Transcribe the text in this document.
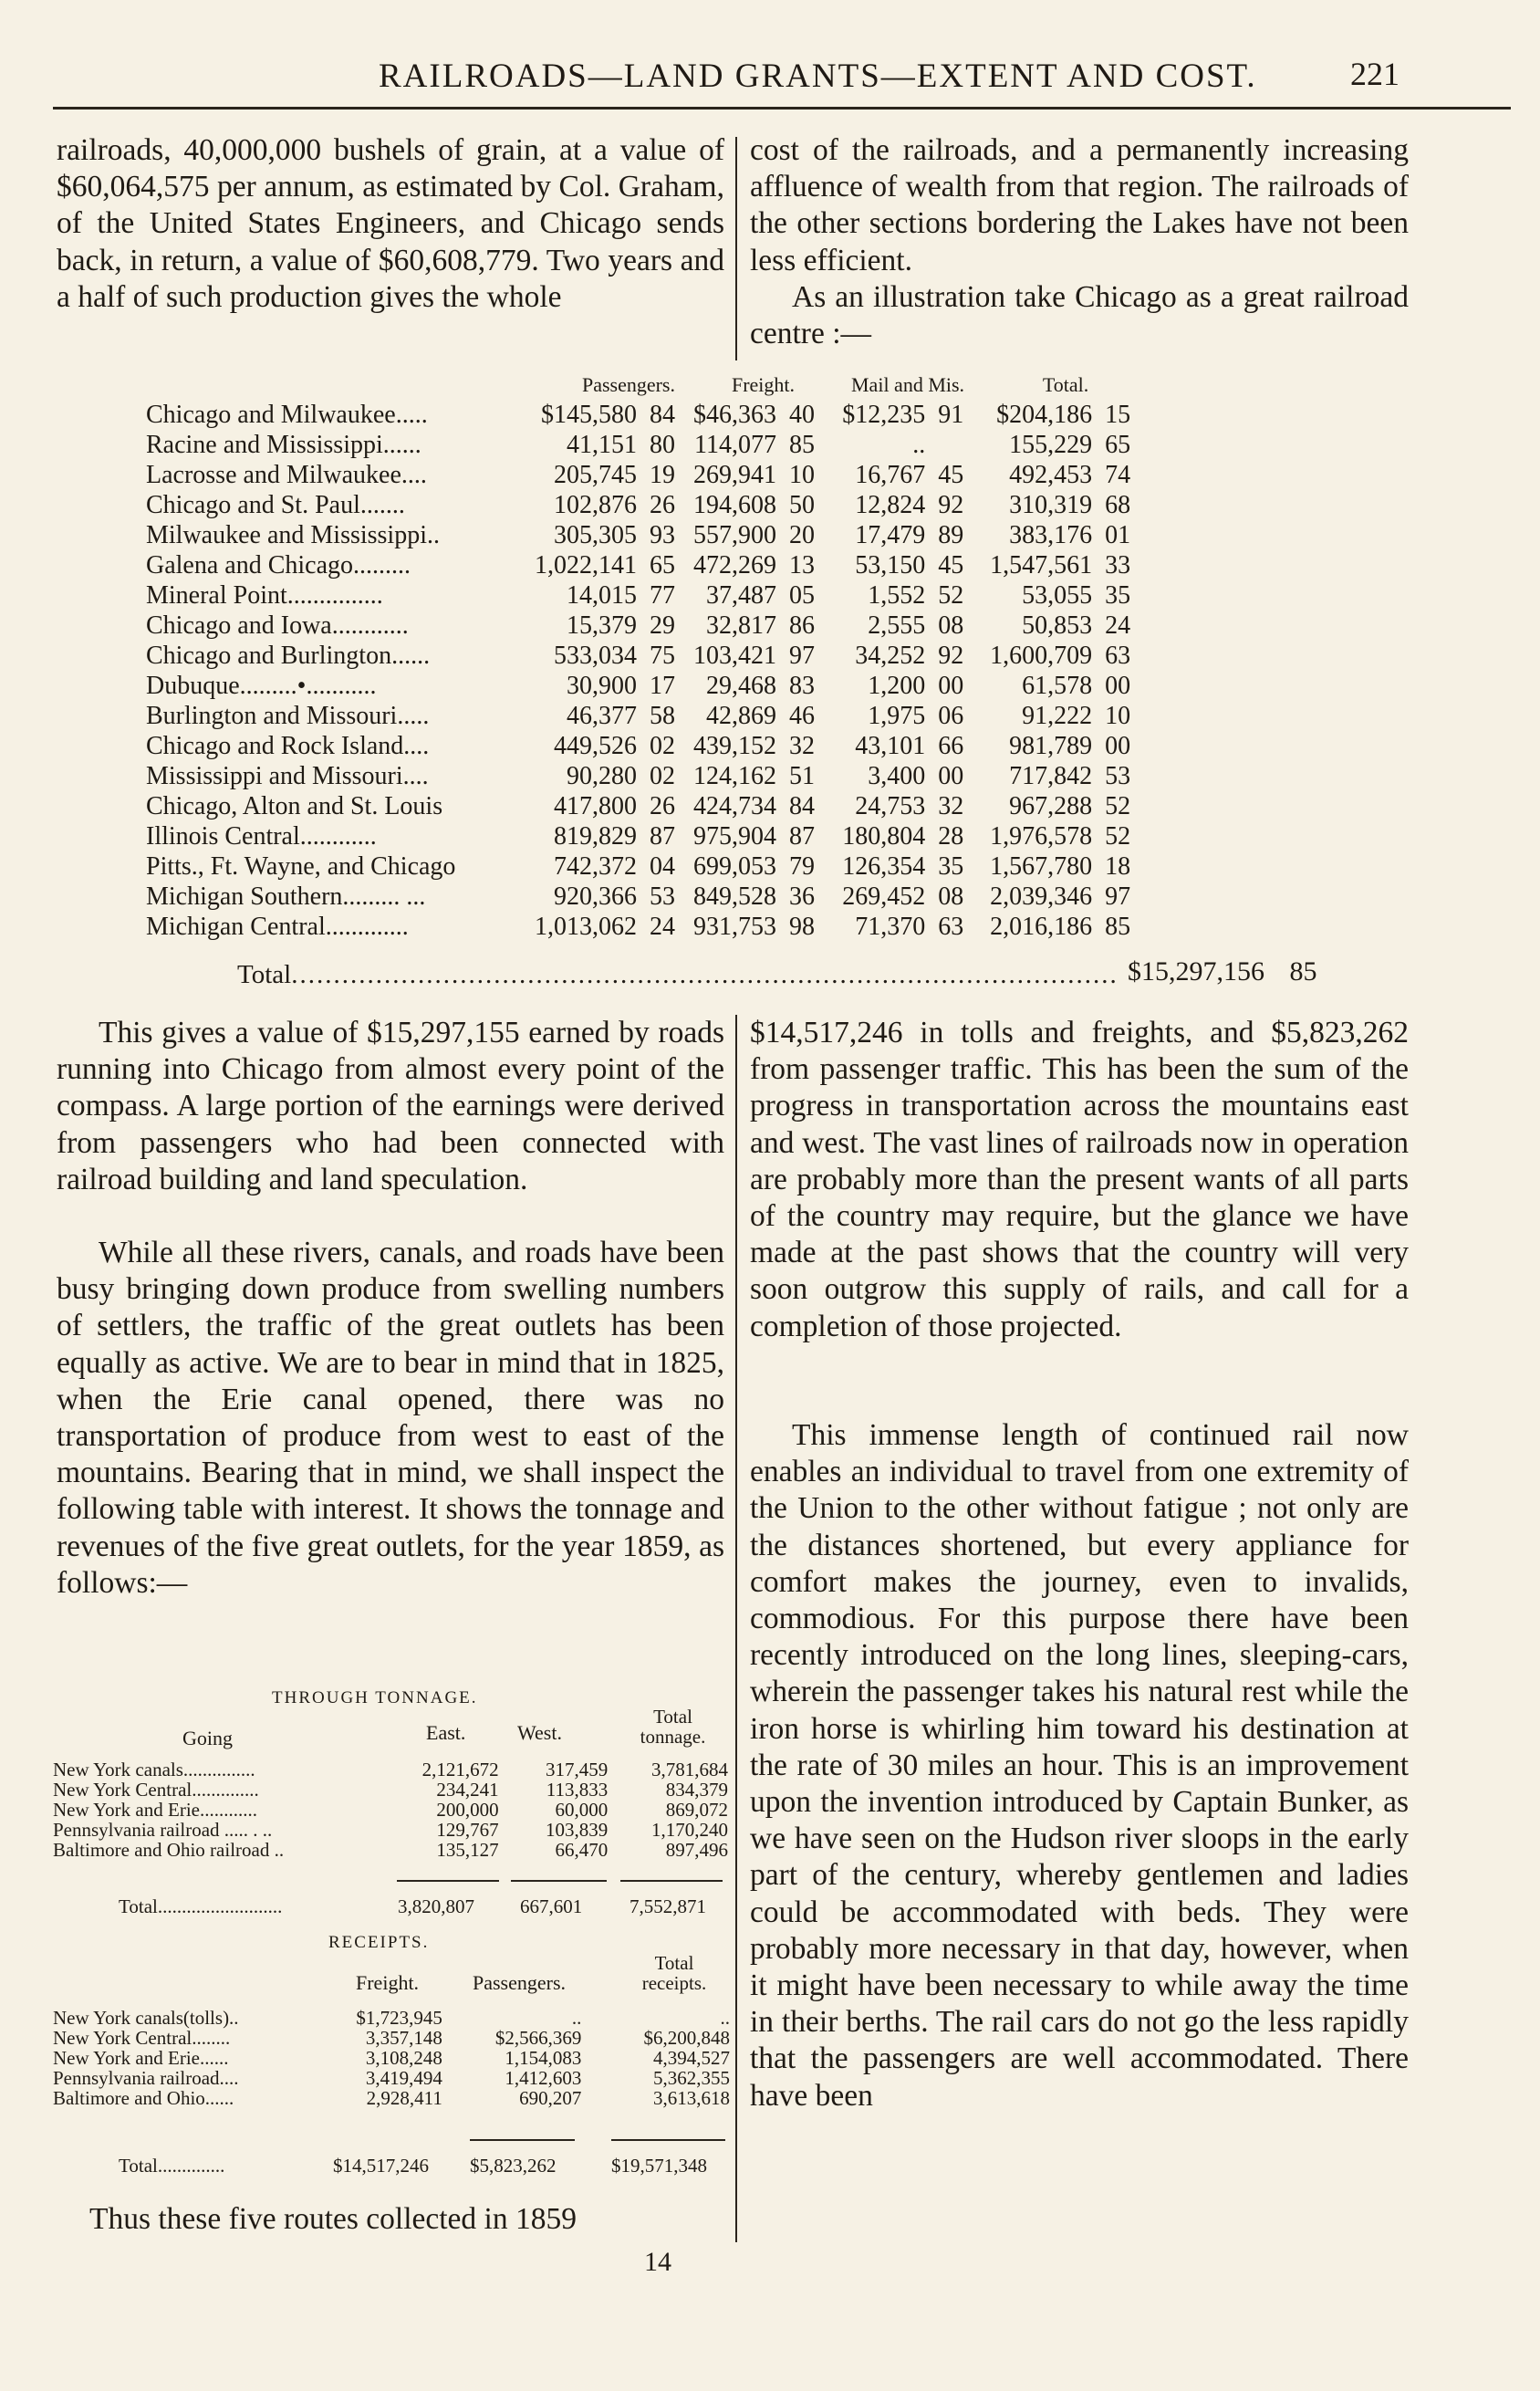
RAILROADS—LAND GRANTS—EXTENT AND COST.	221

railroads, 40,000,000 bushels of grain, at a value of $60,064,575 per annum, as estimated by Col. Graham, of the United States Engineers, and Chicago sends back, in return, a value of $60,608,779. Two years and a half of such production gives the whole

cost of the railroads, and a permanently increasing affluence of wealth from that region. The railroads of the other sections bordering the Lakes have not been less efficient.

As an illustration take Chicago as a great railroad centre :—

	Passengers.		Freight.		Mail and Mis.		Total.	
Chicago and Milwaukee.....	$145,580	84	$46,363	40	$12,235	91	$204,186	15
Racine and Mississippi......	41,151	80	114,077	85	..		155,229	65
Lacrosse and Milwaukee....	205,745	19	269,941	10	16,767	45	492,453	74
Chicago and St. Paul.......	102,876	26	194,608	50	12,824	92	310,319	68
Milwaukee and Mississippi..	305,305	93	557,900	20	17,479	89	383,176	01
Galena and Chicago.........	1,022,141	65	472,269	13	53,150	45	1,547,561	33
Mineral Point...............	14,015	77	37,487	05	1,552	52	53,055	35
Chicago and Iowa............	15,379	29	32,817	86	2,555	08	50,853	24
Chicago and Burlington......	533,034	75	103,421	97	34,252	92	1,600,709	63
Dubuque.........•...........	30,900	17	29,468	83	1,200	00	61,578	00
Burlington and Missouri.....	46,377	58	42,869	46	1,975	06	91,222	10
Chicago and Rock Island....	449,526	02	439,152	32	43,101	66	981,789	00
Mississippi and Missouri....	90,280	02	124,162	51	3,400	00	717,842	53
Chicago, Alton and St. Louis	417,800	26	424,734	84	24,753	32	967,288	52
Illinois Central............	819,829	87	975,904	87	180,804	28	1,976,578	52
Pitts., Ft. Wayne, and Chicago	742,372	04	699,053	79	126,354	35	1,567,780	18
Michigan Southern......... ...	920,366	53	849,528	36	269,452	08	2,039,346	97
Michigan Central.............	1,013,062	24	931,753	98	71,370	63	2,016,186	85
Total.................................................................................................. $15,297,156 85

This gives a value of $15,297,155 earned by roads running into Chicago from almost every point of the compass. A large portion of the earnings were derived from passengers who had been connected with railroad building and land speculation.

While all these rivers, canals, and roads have been busy bringing down produce from swelling numbers of settlers, the traffic of the great outlets has been equally as active. We are to bear in mind that in 1825, when the Erie canal opened, there was no transportation of produce from west to east of the mountains. Bearing that in mind, we shall inspect the following table with interest. It shows the tonnage and revenues of the five great outlets, for the year 1859, as follows:—

THROUGH TONNAGE.
Going	East.	West.
Total tonnage.
New York canals...............	2,121,672	317,459	3,781,684
New York Central..............	234,241	113,833	834,379
New York and Erie............	200,000	60,000	869,072
Pennsylvania railroad ..... . ..	129,767	103,839	1,170,240
Baltimore and Ohio railroad ..	135,127	66,470	897,496
Total..........................	3,820,807 667,601 7,552,871
RECEIPTS.
Freight.	Passengers.
Total receipts.
New York canals(tolls)..	$1,723,945	..	..
New York Central........	3,357,148	$2,566,369	$6,200,848
New York and Erie......	3,108,248	1,154,083	4,394,527
Pennsylvania railroad....	3,419,494	1,412,603	5,362,355
Baltimore and Ohio......	2,928,411	690,207	3,613,618
Total..............	$14,517,246 $5,823,262	$19,571,348

Thus these five routes collected in 1859

$14,517,246 in tolls and freights, and $5,823,262 from passenger traffic. This has been the sum of the progress in transportation across the mountains east and west. The vast lines of railroads now in operation are probably more than the present wants of all parts of the country may require, but the glance we have made at the past shows that the country will very soon outgrow this supply of rails, and call for a completion of those projected.

This immense length of continued rail now enables an individual to travel from one extremity of the Union to the other without fatigue ; not only are the distances shortened, but every appliance for comfort makes the journey, even to invalids, commodious. For this purpose there have been recently introduced on the long lines, sleeping-cars, wherein the passenger takes his natural rest while the iron horse is whirling him toward his destination at the rate of 30 miles an hour. This is an improvement upon the invention introduced by Captain Bunker, as we have seen on the Hudson river sloops in the early part of the century, whereby gentlemen and ladies could be accommodated with beds. They were probably more necessary in that day, however, when it might have been necessary to while away the time in their berths. The rail cars do not go the less rapidly that the passengers are well accommodated. There have been

14
